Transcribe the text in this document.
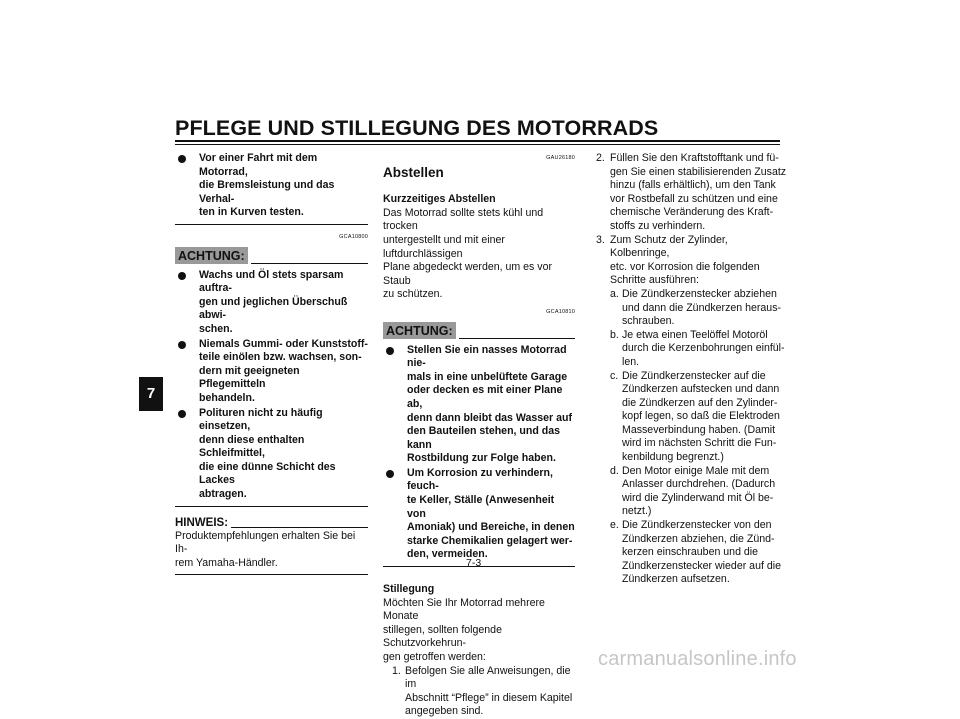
PFLEGE UND STILLEGUNG DES MOTORRADS
7
Vor einer Fahrt mit dem Motorrad,
die Bremsleistung und das Verhal-
ten in Kurven testen.
GCA10800
ACHTUNG:
Wachs und Öl stets sparsam auftra-
gen und jeglichen Überschuß abwi-
schen.
Niemals Gummi- oder Kunststoff-
teile einölen bzw. wachsen, son-
dern mit geeigneten Pflegemitteln
behandeln.
Polituren nicht zu häufig einsetzen,
denn diese enthalten Schleifmittel,
die eine dünne Schicht des Lackes
abtragen.
HINWEIS:

Produktempfehlungen erhalten Sie bei Ih-
rem Yamaha-Händler.

GAU26180
Abstellen

Kurzzeitiges Abstellen

Das Motorrad sollte stets kühl und trocken
untergestellt und mit einer luftdurchlässigen
Plane abgedeckt werden, um es vor Staub
zu schützen.

GCA10810
ACHTUNG:
Stellen Sie ein nasses Motorrad nie-
mals in eine unbelüftete Garage
oder decken es mit einer Plane ab,
denn dann bleibt das Wasser auf
den Bauteilen stehen, und das kann
Rostbildung zur Folge haben.
Um Korrosion zu verhindern, feuch-
te Keller, Ställe (Anwesenheit von
Amoniak) und Bereiche, in denen
starke Chemikalien gelagert wer-
den, vermeiden.

Stillegung

Möchten Sie Ihr Motorrad mehrere Monate
stillegen, sollten folgende Schutzvorkehrun-
gen getroffen werden:

1. Befolgen Sie alle Anweisungen, die im
Abschnitt “Pflege” in diesem Kapitel
angegeben sind.
2. Füllen Sie den Kraftstofftank und fü-
gen Sie einen stabilisierenden Zusatz
hinzu (falls erhältlich), um den Tank
vor Rostbefall zu schützen und eine
chemische Veränderung des Kraft-
stoffs zu verhindern.
3. Zum Schutz der Zylinder, Kolbenringe,
etc. vor Korrosion die folgenden
Schritte ausführen:
a. Die Zündkerzenstecker abziehen
und dann die Zündkerzen heraus-
schrauben.
b. Je etwa einen Teelöffel Motoröl
durch die Kerzenbohrungen einfül-
len.
c. Die Zündkerzenstecker auf die
Zündkerzen aufstecken und dann
die Zündkerzen auf den Zylinder-
kopf legen, so daß die Elektroden
Masseverbindung haben. (Damit
wird im nächsten Schritt die Fun-
kenbildung begrenzt.)
d. Den Motor einige Male mit dem
Anlasser durchdrehen. (Dadurch
wird die Zylinderwand mit Öl be-
netzt.)
e. Die Zündkerzenstecker von den
Zündkerzen abziehen, die Zünd-
kerzen einschrauben und die
Zündkerzenstecker wieder auf die
Zündkerzen aufsetzen.
7-3
carmanualsonline.info
